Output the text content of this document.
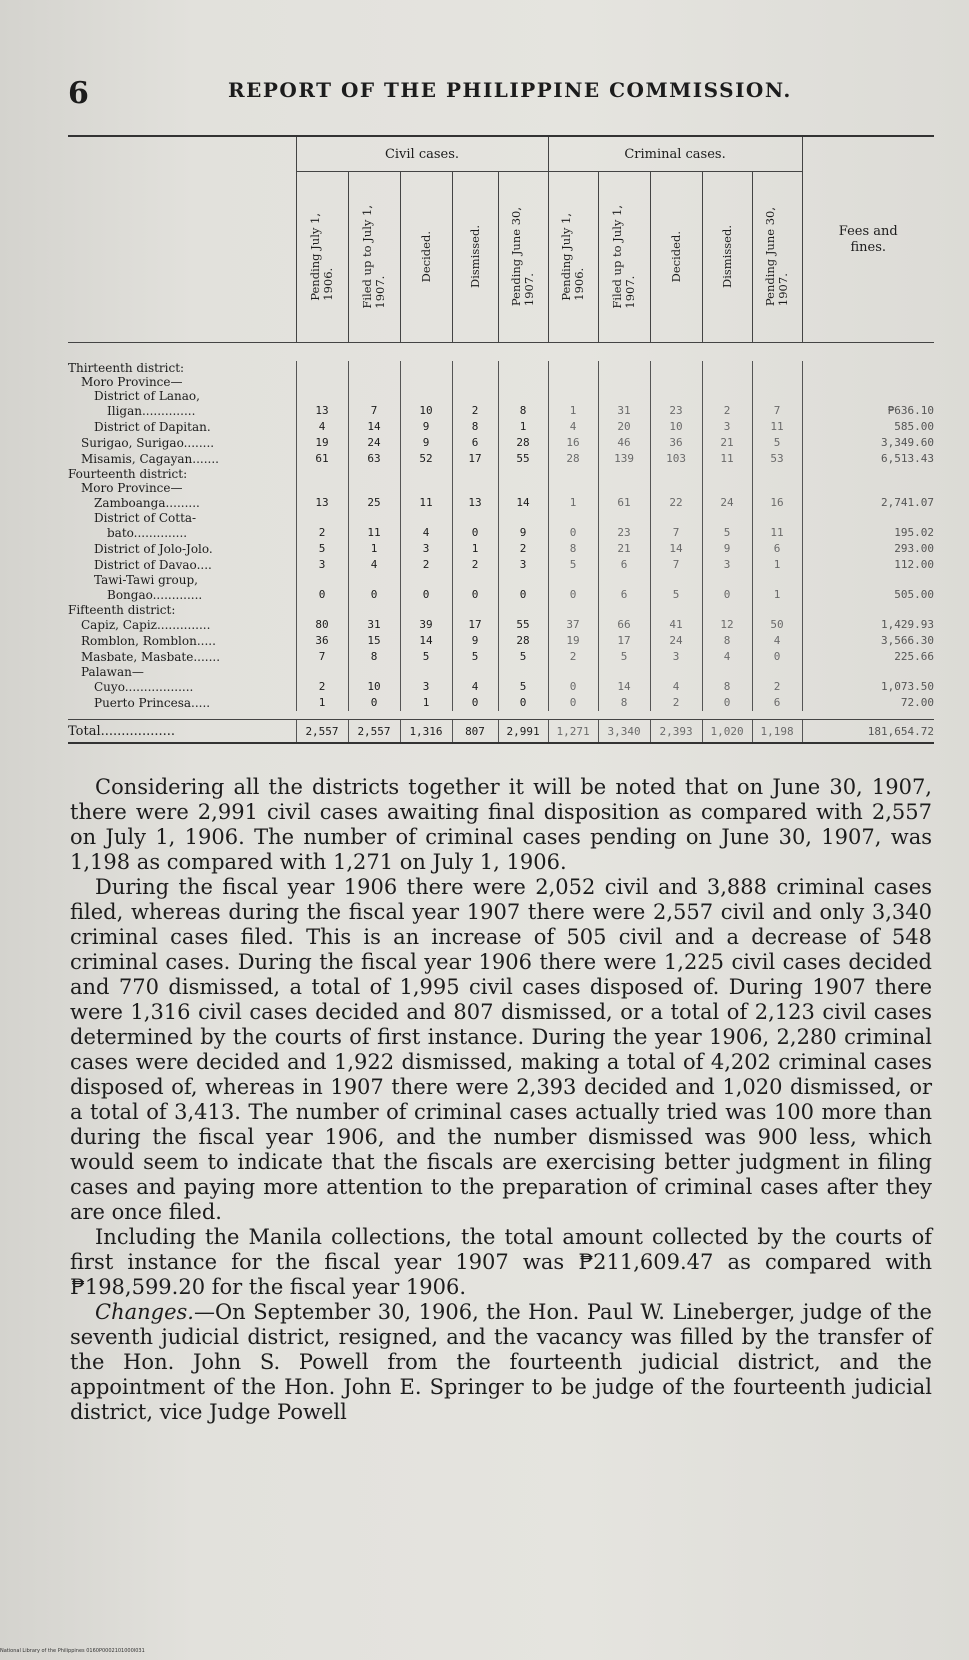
6	REPORT OF THE PHILIPPINE COMMISSION.
	Civil cases.					Criminal cases.					Fees and
fines.

	Pending July 1,
1906.	Filed up to July 1,
1907.	Decided.	Dismissed.	Pending June 30,
1907.	Pending July 1,
1906.	Filed up to July 1,
1907.	Decided.	Dismissed.	Pending June 30,
1907.	

Thirteenth district:											
Moro Province—											
District of Lanao,											
Iligan..............	13	7	10	2	8	1	31	23	2	7	₱636.10
District of Dapitan.	4	14	9	8	1	4	20	10	3	11	585.00
Surigao, Surigao........	19	24	9	6	28	16	46	36	21	5	3,349.60
Misamis, Cagayan.......	61	63	52	17	55	28	139	103	11	53	6,513.43
Fourteenth district:											
Moro Province—											
Zamboanga.........	13	25	11	13	14	1	61	22	24	16	2,741.07
District of Cotta-											
bato..............	2	11	4	0	9	0	23	7	5	11	195.02
District of Jolo-Jolo.	5	1	3	1	2	8	21	14	9	6	293.00
District of Davao....	3	4	2	2	3	5	6	7	3	1	112.00
Tawi-Tawi group,											
Bongao.............	0	0	0	0	0	0	6	5	0	1	505.00
Fifteenth district:											
Capiz, Capiz..............	80	31	39	17	55	37	66	41	12	50	1,429.93
Romblon, Romblon.....	36	15	14	9	28	19	17	24	8	4	3,566.30
Masbate, Masbate.......	7	8	5	5	5	2	5	3	4	0	225.66
Palawan—											
Cuyo..................	2	10	3	4	5	0	14	4	8	2	1,073.50
Puerto Princesa.....	1	0	1	0	0	0	8	2	0	6	72.00

Total..................	2,557	2,557	1,316	807	2,991	1,271	3,340	2,393	1,020	1,198	181,654.72

Considering all the districts together it will be noted that on June 30, 1907, there were 2,991 civil cases awaiting final disposition as compared with 2,557 on July 1, 1906. The number of criminal cases pending on June 30, 1907, was 1,198 as compared with 1,271 on July 1, 1906.

During the fiscal year 1906 there were 2,052 civil and 3,888 criminal cases filed, whereas during the fiscal year 1907 there were 2,557 civil and only 3,340 criminal cases filed. This is an increase of 505 civil and a decrease of 548 criminal cases. During the fiscal year 1906 there were 1,225 civil cases decided and 770 dismissed, a total of 1,995 civil cases disposed of. During 1907 there were 1,316 civil cases decided and 807 dismissed, or a total of 2,123 civil cases determined by the courts of first instance. During the year 1906, 2,280 criminal cases were decided and 1,922 dismissed, making a total of 4,202 criminal cases disposed of, whereas in 1907 there were 2,393 decided and 1,020 dismissed, or a total of 3,413. The number of criminal cases actually tried was 100 more than during the fiscal year 1906, and the number dismissed was 900 less, which would seem to indicate that the fiscals are exercising better judgment in filing cases and paying more attention to the preparation of criminal cases after they are once filed.

Including the Manila collections, the total amount collected by the courts of first instance for the fiscal year 1907 was ₱211,609.47 as compared with ₱198,599.20 for the fiscal year 1906.

Changes.—On September 30, 1906, the Hon. Paul W. Lineberger, judge of the seventh judicial district, resigned, and the vacancy was filled by the transfer of the Hon. John S. Powell from the fourteenth judicial district, and the appointment of the Hon. John E. Springer to be judge of the fourteenth judicial district, vice Judge Powell

National Library of the Philippines 0160P0002101000I031
